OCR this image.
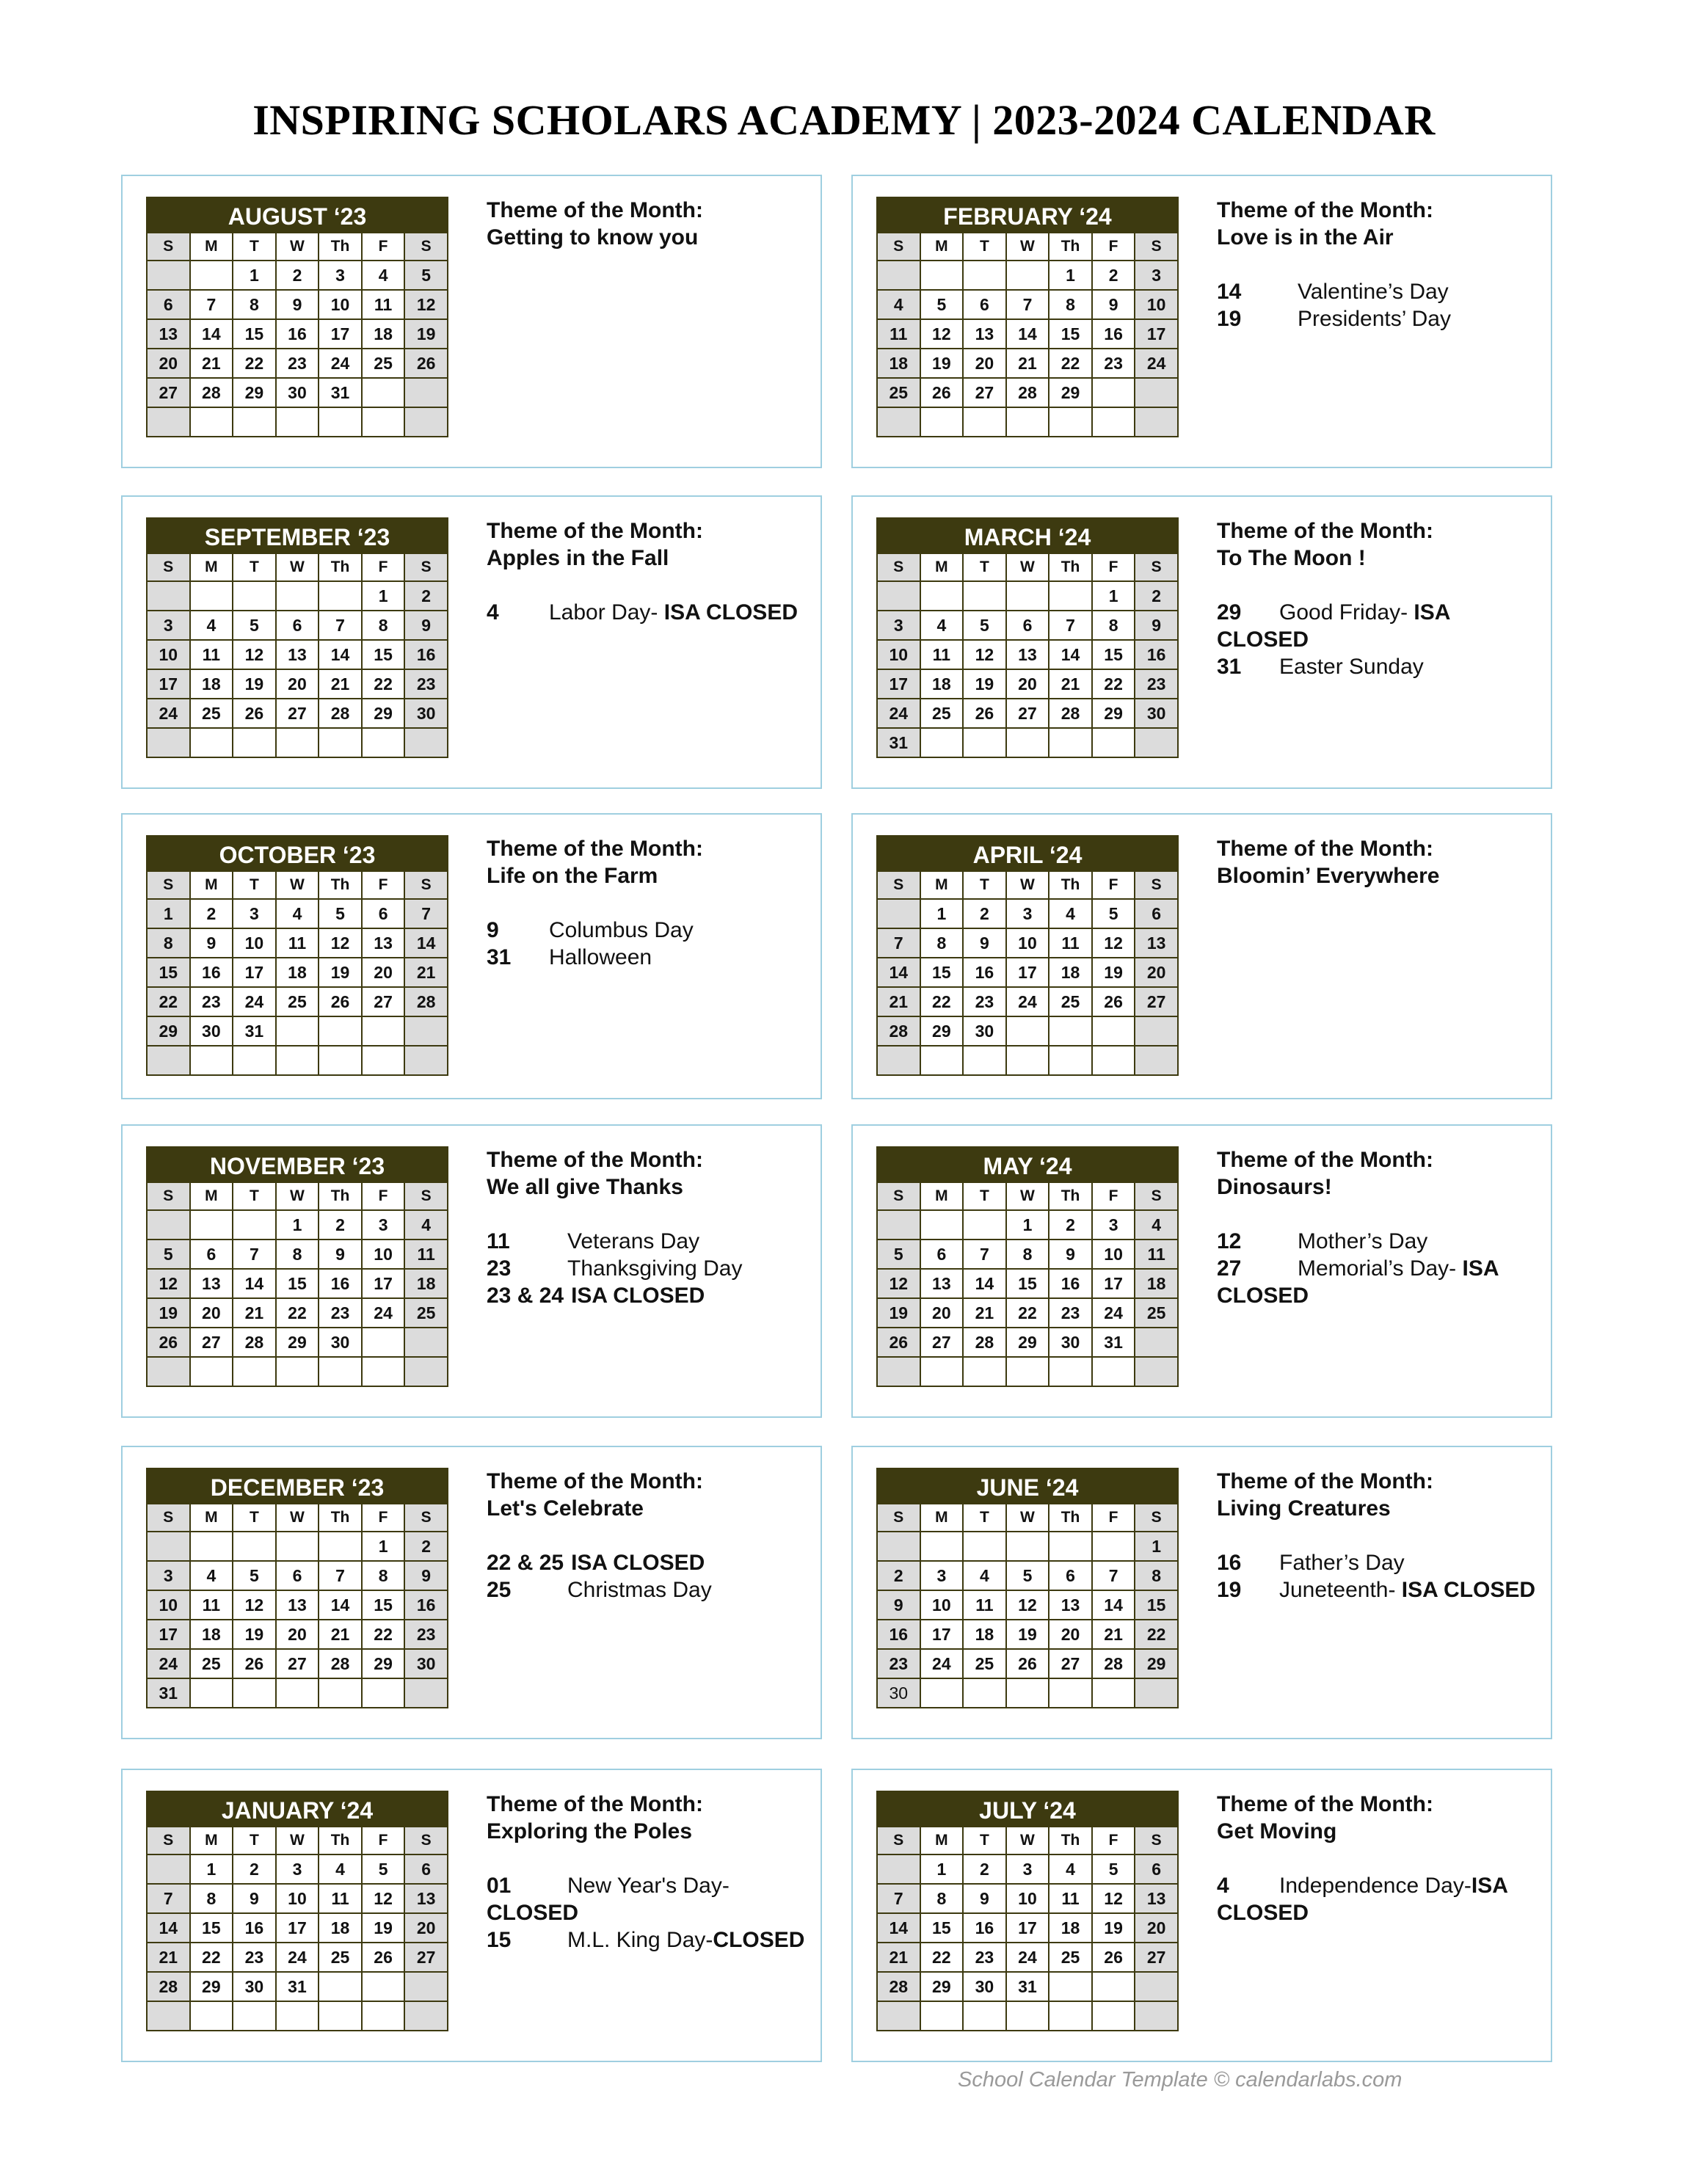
INSPIRING SCHOLARS ACADEMY | 2023-2024 CALENDAR
AUGUST ‘23
S	M	T	W	Th	F	S
		1	2	3	4	5
6	7	8	9	10	11	12
13	14	15	16	17	18	19
20	21	22	23	24	25	26
27	28	29	30	31		

Theme of the Month:
Getting to know you
FEBRUARY ‘24
S	M	T	W	Th	F	S
				1	2	3
4	5	6	7	8	9	10
11	12	13	14	15	16	17
18	19	20	21	22	23	24
25	26	27	28	29		

Theme of the Month:
Love is in the Air
14	Valentine’s Day
19	Presidents’ Day
SEPTEMBER ‘23
S	M	T	W	Th	F	S
					1	2
3	4	5	6	7	8	9
10	11	12	13	14	15	16
17	18	19	20	21	22	23
24	25	26	27	28	29	30

Theme of the Month:
Apples in the Fall
4 Labor Day- ISA CLOSED
MARCH ‘24
S	M	T	W	Th	F	S
					1	2
3	4	5	6	7	8	9
10	11	12	13	14	15	16
17	18	19	20	21	22	23
24	25	26	27	28	29	30
31						
Theme of the Month:
To The Moon !
29 Good Friday- ISA CLOSED
31 Easter Sunday
OCTOBER ‘23
S	M	T	W	Th	F	S
1	2	3	4	5	6	7
8	9	10	11	12	13	14
15	16	17	18	19	20	21
22	23	24	25	26	27	28
29	30	31				

Theme of the Month:
Life on the Farm
9 Columbus Day
31 Halloween
APRIL ‘24
S	M	T	W	Th	F	S
	1	2	3	4	5	6
7	8	9	10	11	12	13
14	15	16	17	18	19	20
21	22	23	24	25	26	27
28	29	30				

Theme of the Month:
Bloomin’ Everywhere
NOVEMBER ‘23
S	M	T	W	Th	F	S
			1	2	3	4
5	6	7	8	9	10	11
12	13	14	15	16	17	18
19	20	21	22	23	24	25
26	27	28	29	30		

Theme of the Month:
We all give Thanks
11	Veterans Day
23	Thanksgiving Day
23 & 24 ISA CLOSED
MAY ‘24
S	M	T	W	Th	F	S
			1	2	3	4
5	6	7	8	9	10	11
12	13	14	15	16	17	18
19	20	21	22	23	24	25
26	27	28	29	30	31	

Theme of the Month:
Dinosaurs!
12	Mother’s Day
27	Memorial’s Day- ISA CLOSED
DECEMBER ‘23
S	M	T	W	Th	F	S
					1	2
3	4	5	6	7	8	9
10	11	12	13	14	15	16
17	18	19	20	21	22	23
24	25	26	27	28	29	30
31						
Theme of the Month:
Let's Celebrate
22 & 25 ISA CLOSED
25	Christmas Day
JUNE ‘24
S	M	T	W	Th	F	S
						1
2	3	4	5	6	7	8
9	10	11	12	13	14	15
16	17	18	19	20	21	22
23	24	25	26	27	28	29
30						
Theme of the Month:
Living Creatures
16 Father’s Day
19 Juneteenth- ISA CLOSED
JANUARY ‘24
S	M	T	W	Th	F	S
	1	2	3	4	5	6
7	8	9	10	11	12	13
14	15	16	17	18	19	20
21	22	23	24	25	26	27
28	29	30	31			

Theme of the Month:
Exploring the Poles
01	New Year's Day-CLOSED
15	M.L. King Day-CLOSED
JULY ‘24
S	M	T	W	Th	F	S
	1	2	3	4	5	6
7	8	9	10	11	12	13
14	15	16	17	18	19	20
21	22	23	24	25	26	27
28	29	30	31			

Theme of the Month:
Get Moving
4 Independence Day-ISA CLOSED
School Calendar Template © calendarlabs.com
